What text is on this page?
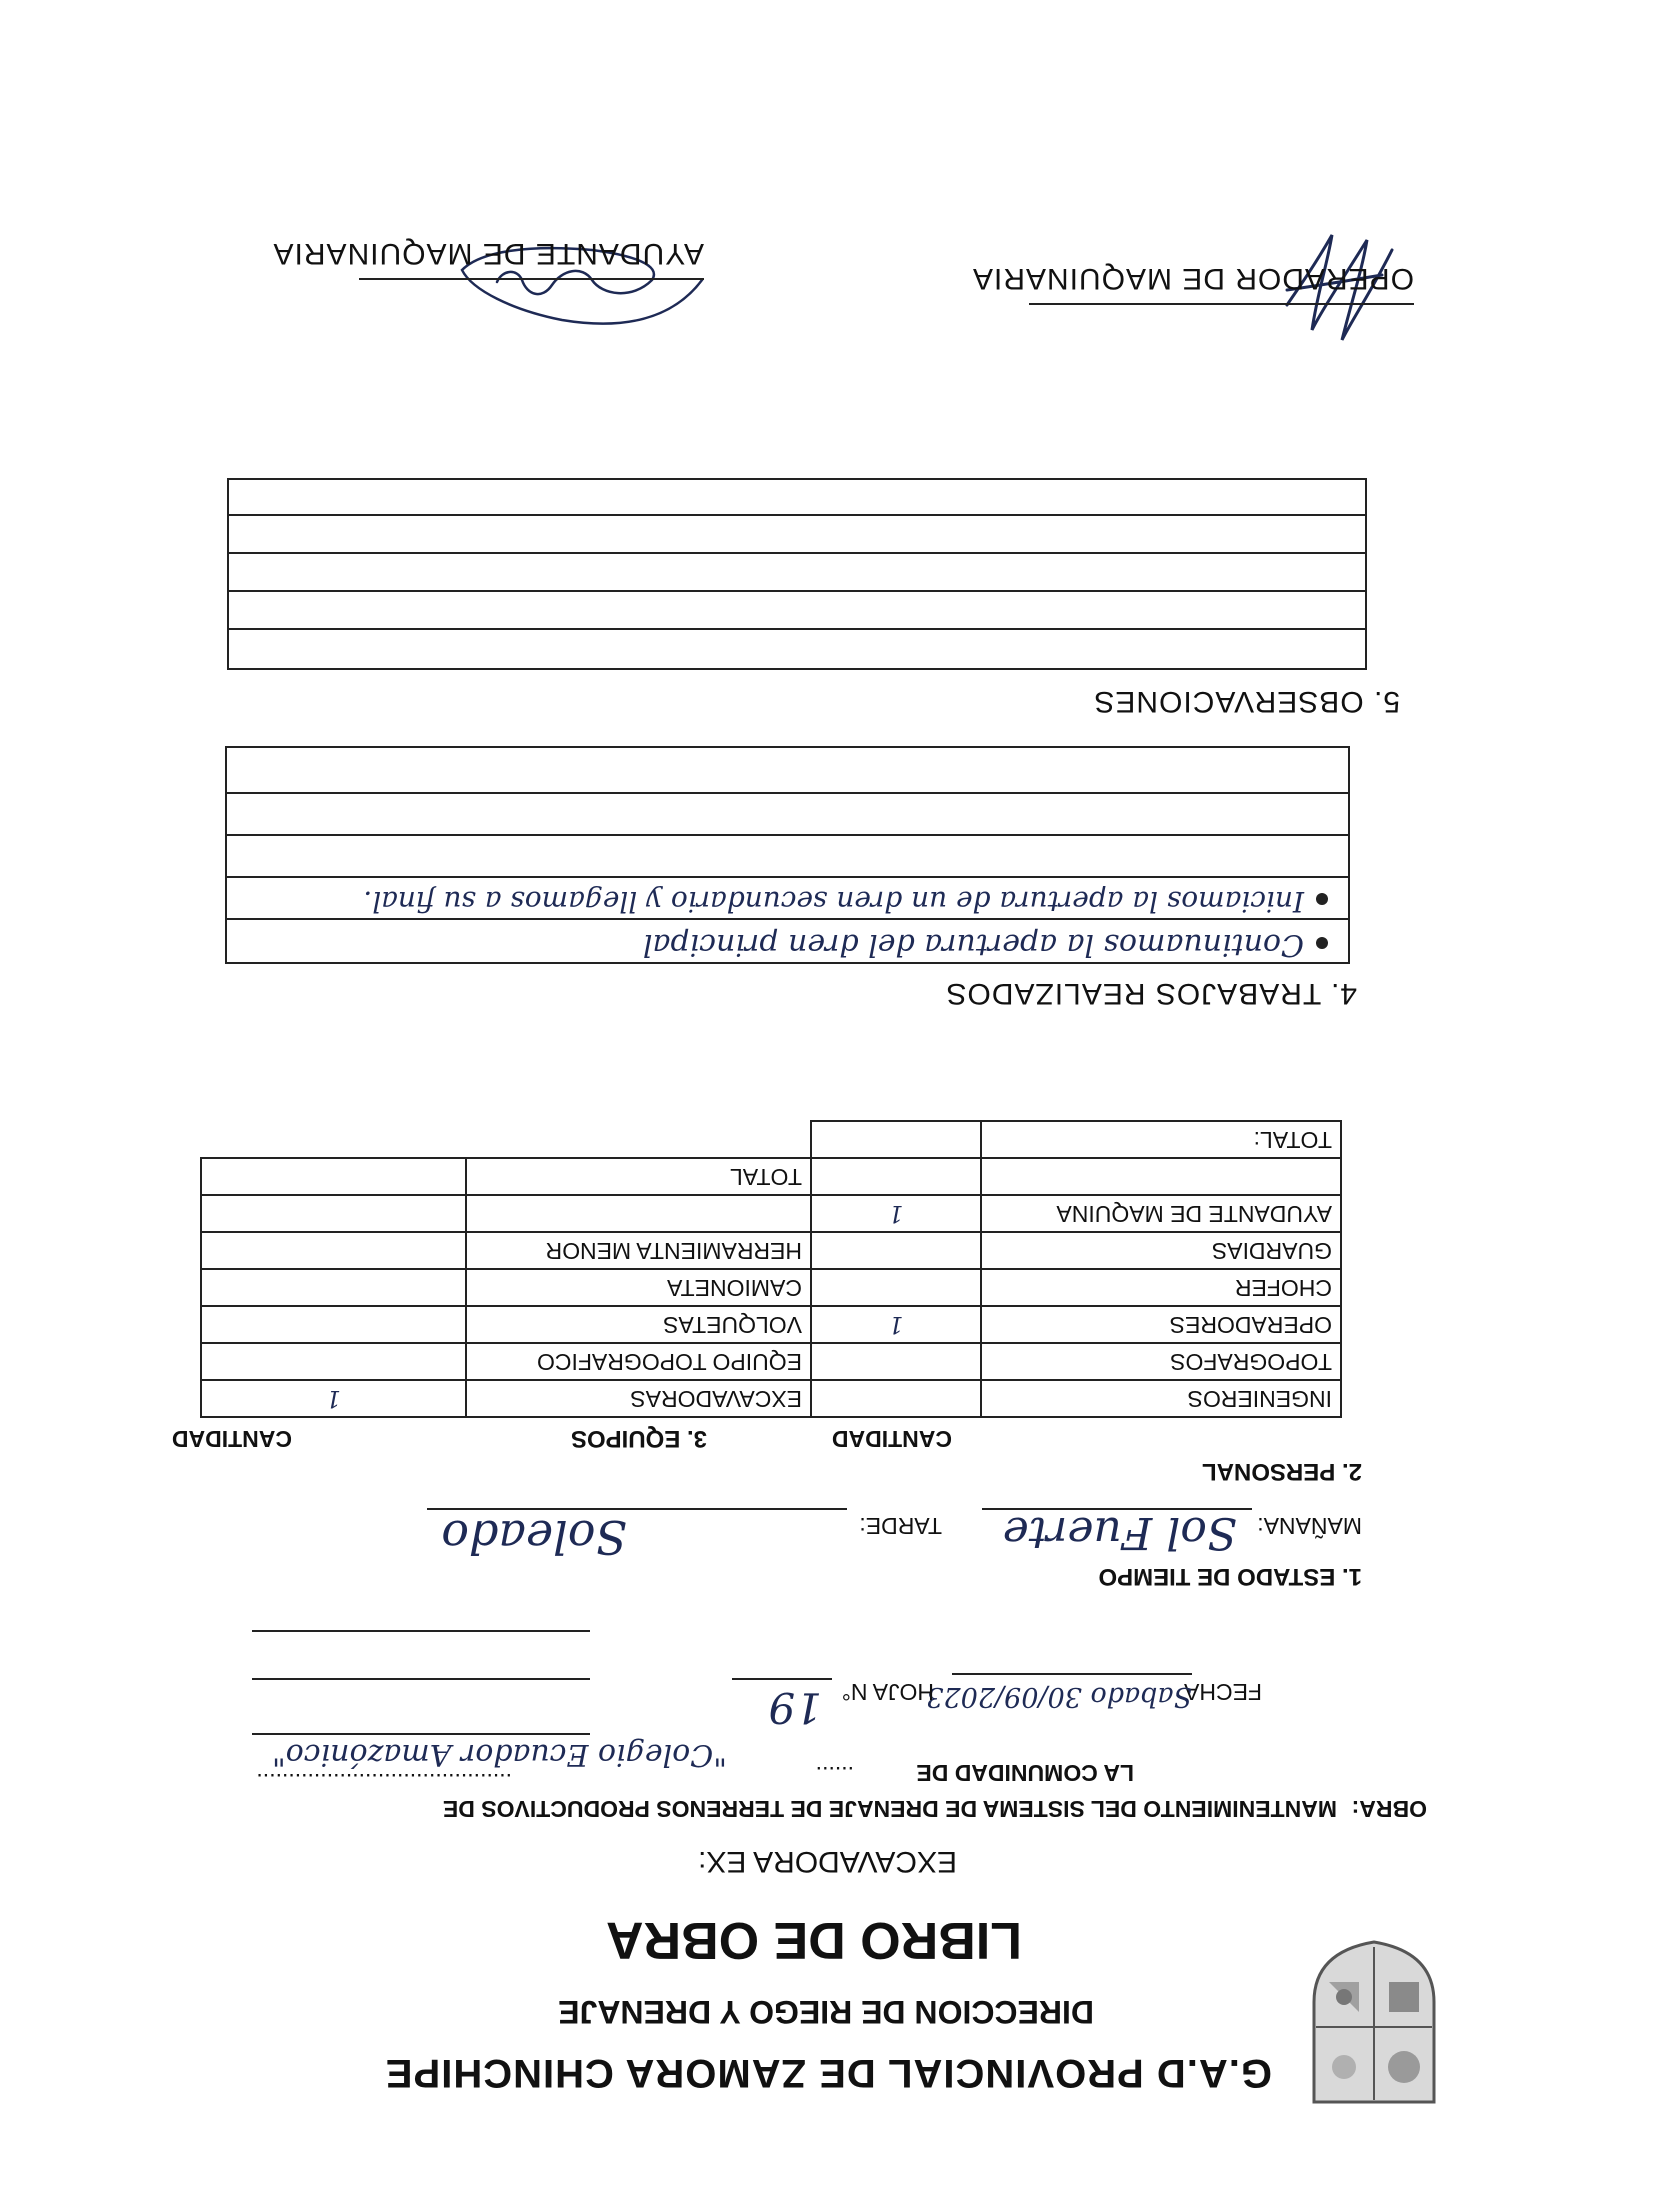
G.A.D PROVINCIAL DE ZAMORA CHINCHIPE
DIRECCION DE RIEGO Y DRENAJE
LIBRO DE OBRA
EXCAVADORA EX:
OBRA:
MANTENIMIENTO DEL SISTEMA DE DRENAJE DE TERRENOS PRODUCTIVOS DE
LA COMUNIDAD DE
......
"Colegio Ecuador Amazónico"
........................................
FECHA
Sabado 30/09/2023
HOJA N°
19
1. ESTADO DE TIEMPO
MAÑANA:
Sol Fuerte
TARDE:
Soleado
2. PERSONAL
CANTIDAD
3. EQUIPOS
CANTIDAD
INGENIEROS	
TOPOGRAFOS	
OPERADORES	1
CHOFER	
GUARDIAS	
AYUDANTE DE MAQUINA	1

TOTAL:	
EXCAVADORAS	1
EQUIPO TOPOGRAFICO	
VOLQUETAS	
CAMIONETA	
HERRAMIENTA MENOR	

TOTAL	
4. TRABAJOS REALIZADOS
Continuamos la apertura del dren principal
Iniciamos la apertura de un dren secundario y llegamos a su final.
5. OBSERVACIONES
OPERADOR DE MAQUINARIA
AYUDANTE DE MAQUINARIA
